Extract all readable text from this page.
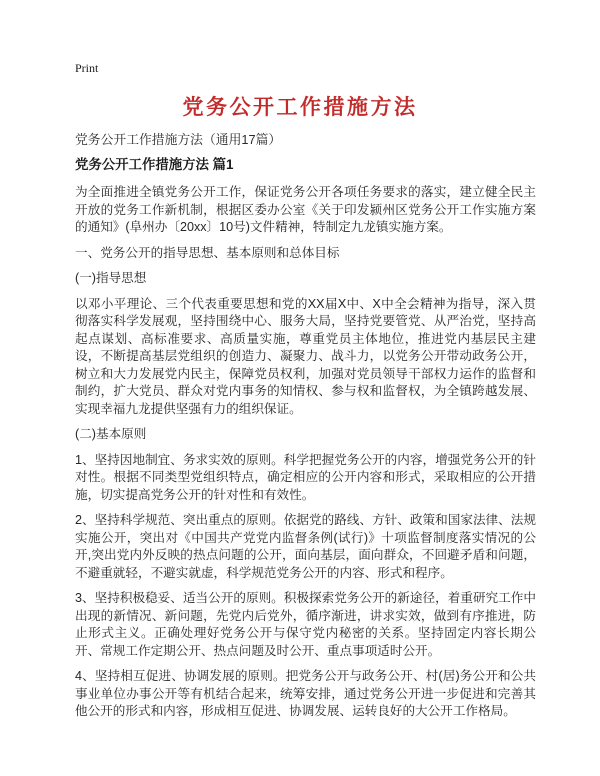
Print
党务公开工作措施方法

党务公开工作措施方法（通用17篇）

党务公开工作措施方法 篇1

为全面推进全镇党务公开工作，保证党务公开各项任务要求的落实，建立健全民主开放的党务工作新机制，根据区委办公室《关于印发颍州区党务公开工作实施方案的通知》(阜州办〔20xx〕10号)文件精神，特制定九龙镇实施方案。

一、党务公开的指导思想、基本原则和总体目标

(一)指导思想

以邓小平理论、三个代表重要思想和党的XX届X中、X中全会精神为指导，深入贯彻落实科学发展观，坚持围绕中心、服务大局，坚持党要管党、从严治党，坚持高起点谋划、高标准要求、高质量实施，尊重党员主体地位，推进党内基层民主建设，不断提高基层党组织的创造力、凝聚力、战斗力，以党务公开带动政务公开，树立和大力发展党内民主，保障党员权利，加强对党员领导干部权力运作的监督和制约，扩大党员、群众对党内事务的知情权、参与权和监督权，为全镇跨越发展、实现幸福九龙提供坚强有力的组织保证。

(二)基本原则

1、坚持因地制宜、务求实效的原则。科学把握党务公开的内容，增强党务公开的针对性。根据不同类型党组织特点，确定相应的公开内容和形式，采取相应的公开措施，切实提高党务公开的针对性和有效性。

2、坚持科学规范、突出重点的原则。依据党的路线、方针、政策和国家法律、法规实施公开，突出对《中国共产党党内监督条例(试行)》十项监督制度落实情况的公开,突出党内外反映的热点问题的公开，面向基层，面向群众，不回避矛盾和问题，不避重就轻，不避实就虚，科学规范党务公开的内容、形式和程序。

3、坚持积极稳妥、适当公开的原则。积极探索党务公开的新途径，着重研究工作中出现的新情况、新问题，先党内后党外，循序渐进，讲求实效，做到有序推进，防止形式主义。正确处理好党务公开与保守党内秘密的关系。坚持固定内容长期公开、常规工作定期公开、热点问题及时公开、重点事项适时公开。

4、坚持相互促进、协调发展的原则。把党务公开与政务公开、村(居)务公开和公共事业单位办事公开等有机结合起来，统筹安排，通过党务公开进一步促进和完善其他公开的形式和内容，形成相互促进、协调发展、运转良好的大公开工作格局。
